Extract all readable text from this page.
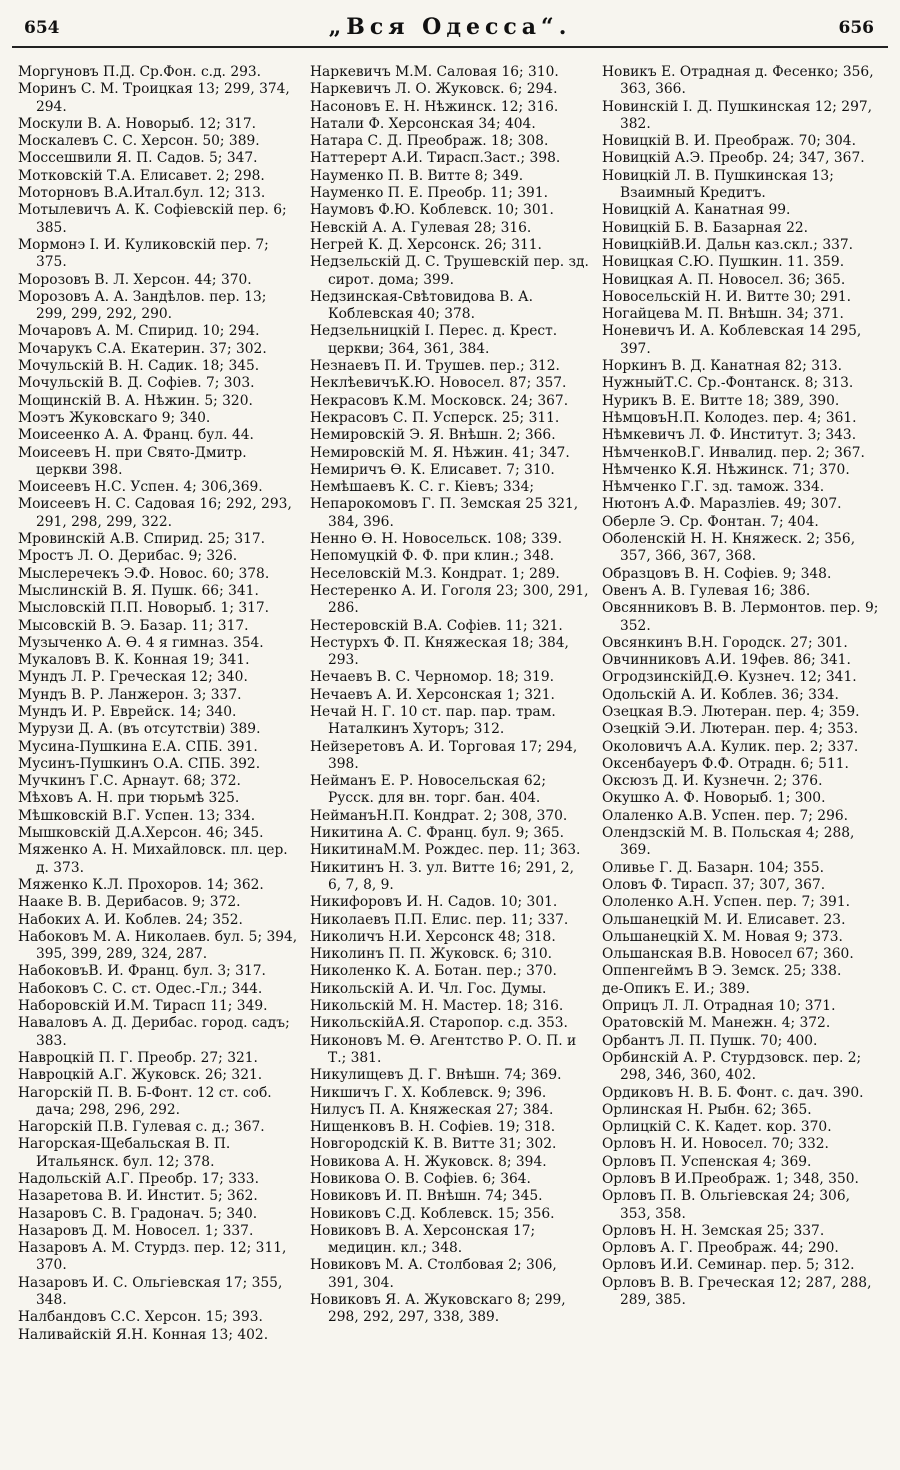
654	„Вся Одесса“.	656
Моргуновъ П.Д. Ср.Фон. с.д. 293.
Моринъ С. М. Троицкая 13; 299, 374, 294.
Москули В. А. Новорыб. 12; 317.
Москалевъ С. С. Херсон. 50; 389.
Моссешвили Я. П. Садов. 5; 347.
Мотковскій Т.А. Елисавет. 2; 298.
Моторновъ В.А.Итал.бул. 12; 313.
Мотылевичъ А. К. Софіевскій пер. 6; 385.
Мормонэ І. И. Куликовскій пер. 7; 375.
Морозовъ В. Л. Херсон. 44; 370.
Морозовъ А. А. Зандѣлов. пер. 13; 299, 299, 292, 290.
Мочаровъ А. М. Спирид. 10; 294.
Мочарукъ С.А. Екатерин. 37; 302.
Мочульскій В. Н. Садик. 18; 345.
Мочульскій В. Д. Софіев. 7; 303.
Мощинскій В. А. Нѣжин. 5; 320.
Моэтъ Жуковскаго 9; 340.
Моисеенко А. А. Франц. бул. 44.
Моисеевъ Н. при Свято-Дмитр. церкви 398.
Моисеевъ Н.С. Успен. 4; 306,369.
Моисеевъ Н. С. Садовая 16; 292, 293, 291, 298, 299, 322.
Мровинскій А.В. Спирид. 25; 317.
Мростъ Л. О. Дерибас. 9; 326.
Мыслеречекъ Э.Ф. Новос. 60; 378.
Мыслинскій В. Я. Пушк. 66; 341.
Мысловскій П.П. Новорыб. 1; 317.
Мысовскій В. Э. Базар. 11; 317.
Музыченко А. Ѳ. 4 я гимназ. 354.
Мукаловъ В. К. Конная 19; 341.
Мундъ Л. Р. Греческая 12; 340.
Мундъ В. Р. Ланжерон. 3; 337.
Мундъ И. Р. Еврейск. 14; 340.
Мурузи Д. А. (въ отсутствіи) 389.
Мусина-Пушкина Е.А. СПБ. 391.
Мусинъ-Пушкинъ О.А. СПБ. 392.
Мучкинъ Г.С. Арнаут. 68; 372.
Мѣховъ А. Н. при тюрьмѣ 325.
Мѣшковскій В.Г. Успен. 13; 334.
Мышковскій Д.А.Херсон. 46; 345.
Мяженко А. Н. Михайловск. пл. цер. д. 373.
Мяженко К.Л. Прохоров. 14; 362.
Наакe В. В. Дерибасов. 9; 372.
Набоких А. И. Коблев. 24; 352.
Набоковъ М. А. Николаев. бул. 5; 394, 395, 399, 289, 324, 287.
НабоковъВ. И. Франц. бул. 3; 317.
Набоковъ С. С. ст. Одес.-Гл.; 344.
Наборовскій И.М. Тирасп 11; 349.
Наваловъ А. Д. Дерибас. город. садъ; 383.
Навроцкій П. Г. Преобр. 27; 321.
Навроцкій А.Г. Жуковск. 26; 321.
Нагорскій П. В. Б-Фонт. 12 ст. соб. дача; 298, 296, 292.
Нагорскій П.В. Гулевая с. д.; 367.
Нагорская-Щебальская В. П. Итальянск. бул. 12; 378.
Надольскій А.Г. Преобр. 17; 333.
Назаретова В. И. Инстит. 5; 362.
Назаровъ С. В. Градонач. 5; 340.
Назаровъ Д. М. Новосел. 1; 337.
Назаровъ А. М. Стурдз. пер. 12; 311, 370.
Назаровъ И. С. Ольгіевская 17; 355, 348.
Налбандовъ С.С. Херсон. 15; 393.
Наливайскій Я.Н. Конная 13; 402.
Наркевичъ М.М. Саловая 16; 310.
Наркевичъ Л. О. Жуковск. 6; 294.
Насоновъ Е. Н. Нѣжинск. 12; 316.
Натали Ф. Херсонская 34; 404.
Натара С. Д. Преображ. 18; 308.
Наттерерт А.И. Тирасп.Заст.; 398.
Науменко П. В. Витте 8; 349.
Науменко П. Е. Преобр. 11; 391.
Наумовъ Ф.Ю. Коблевск. 10; 301.
Невскій А. А. Гулевая 28; 316.
Негрей К. Д. Херсонск. 26; 311.
Недзельскій Д. С. Трушевскій пер. зд. сирот. дома; 399.
Недзинская-Свѣтовидова В. А. Коблевская 40; 378.
Недзельницкій І. Перес. д. Крест. церкви; 364, 361, 384.
Незнаевъ П. И. Трушев. пер.; 312.
НеклѣевичъК.Ю. Новосел. 87; 357.
Некрасовъ К.М. Московск. 24; 367.
Некрасовъ С. П. Усперск. 25; 311.
Немировскій Э. Я. Внѣшн. 2; 366.
Немировскій М. Я. Нѣжин. 41; 347.
Немиричъ Ѳ. К. Елисавет. 7; 310.
Немѣшаевъ К. С. г. Кіевъ; 334;
Непарокомовъ Г. П. Земская 25 321, 384, 396.
Ненно Ѳ. Н. Новосельск. 108; 339.
Непомуцкій Ф. Ф. при клин.; 348.
Неселовскій М.З. Кондрат. 1; 289.
Нестеренко А. И. Гоголя 23; 300, 291, 286.
Нестеровскій В.А. Софіев. 11; 321.
Нестурхъ Ф. П. Княжеская 18; 384, 293.
Нечаевъ В. С. Черномор. 18; 319.
Нечаевъ А. И. Херсонская 1; 321.
Нечай Н. Г. 10 ст. пар. пар. трам. Наталкинъ Хуторъ; 312.
Нейзеретовъ А. И. Торговая 17; 294, 398.
Нейманъ Е. Р. Новосельская 62; Русск. для вн. торг. бан. 404.
НейманъН.П. Кондрат. 2; 308, 370.
Никитина А. С. Франц. бул. 9; 365.
НикитинаМ.М. Рождес. пер. 11; 363.
Никитинъ Н. З. ул. Витте 16; 291, 2, 6, 7, 8, 9.
Никифоровъ И. Н. Садов. 10; 301.
Николаевъ П.П. Елис. пер. 11; 337.
Николичъ Н.И. Херсонск 48; 318.
Николинъ П. П. Жуковск. 6; 310.
Николенко К. А. Ботан. пер.; 370.
Никольскій А. И. Чл. Гос. Думы.
Никольскій М. Н. Мастер. 18; 316.
НикольскійА.Я. Старопор. с.д. 353.
Никоновъ М. Ѳ. Агентство Р. О. П. и Т.; 381.
Никулищевъ Д. Г. Внѣшн. 74; 369.
Никшичъ Г. Х. Коблевск. 9; 396.
Нилусъ П. А. Княжеская 27; 384.
Нищенковъ В. Н. Софіев. 19; 318.
Новгородскій К. В. Витте 31; 302.
Новикова А. Н. Жуковск. 8; 394.
Новикова О. В. Софіев. 6; 364.
Новиковъ И. П. Внѣшн. 74; 345.
Новиковъ С.Д. Коблевск. 15; 356.
Новиковъ В. А. Херсонская 17; медицин. кл.; 348.
Новиковъ М. А. Столбовая 2; 306, 391, 304.
Новиковъ Я. А. Жуковскаго 8; 299, 298, 292, 297, 338, 389.
Новикъ Е. Отрадная д. Фесенко; 356, 363, 366.
Новинскій І. Д. Пушкинская 12; 297, 382.
Новицкій В. И. Преображ. 70; 304.
Новицкій А.Э. Преобр. 24; 347, 367.
Новицкій Л. В. Пушкинская 13; Взаимный Кредитъ.
Новицкій А. Канатная 99.
Новицкій Б. В. Базарная 22.
НовицкійВ.И. Дальн каз.скл.; 337.
Новицкая С.Ю. Пушкин. 11. 359.
Новицкая А. П. Новосел. 36; 365.
Новосельскій Н. И. Витте 30; 291.
Ногайцева М. П. Внѣшн. 34; 371.
Ноневичъ И. А. Коблевская 14 295, 397.
Норкинъ В. Д. Канатная 82; 313.
НужныйТ.С. Ср.-Фонтанск. 8; 313.
Нурикъ В. Е. Витте 18; 389, 390.
НѣмцовъН.П. Колодез. пер. 4; 361.
Нѣмкевичъ Л. Ф. Институт. 3; 343.
НѣмченкоВ.Г. Инвалид. пер. 2; 367.
Нѣмченко К.Я. Нѣжинск. 71; 370.
Нѣмченко Г.Г. зд. тамож. 334.
Нютонъ А.Ф. Маразліев. 49; 307.
Оберле Э. Ср. Фонтан. 7; 404.
Оболенскій Н. Н. Княжеск. 2; 356, 357, 366, 367, 368.
Образцовъ В. Н. Софіев. 9; 348.
Овенъ А. В. Гулевая 16; 386.
Овсянниковъ В. В. Лермонтов. пер. 9; 352.
Овсянкинъ В.Н. Городск. 27; 301.
Овчинниковъ А.И. 19фев. 86; 341.
ОгродзинскійД.Ѳ. Кузнеч. 12; 341.
Одольскій А. И. Коблев. 36; 334.
Озецкая В.Э. Лютеран. пер. 4; 359.
Озецкій Э.И. Лютеран. пер. 4; 353.
Околовичъ А.А. Кулик. пер. 2; 337.
Оксенбауеръ Ф.Ф. Отрадн. 6; 511.
Оксюзъ Д. И. Кузнечн. 2; 376.
Окушко А. Ф. Новорыб. 1; 300.
Олаленко А.В. Успен. пер. 7; 296.
Олендзскій М. В. Польская 4; 288, 369.
Оливье Г. Д. Базарн. 104; 355.
Оловъ Ф. Тирасп. 37; 307, 367.
Ололенко А.Н. Успен. пер. 7; 391.
Ольшанецкій М. И. Елисавет. 23.
Ольшанецкій Х. М. Новая 9; 373.
Ольшанская В.В. Новосел 67; 360.
Оппенгеймъ В Э. Земск. 25; 338.
де-Опикъ Е. И.; 389.
Оприцъ Л. Л. Отрадная 10; 371.
Оратовскій М. Манежн. 4; 372.
Орбантъ Л. П. Пушк. 70; 400.
Орбинскій А. Р. Стурдзовск. пер. 2; 298, 346, 360, 402.
Ордиковъ Н. В. Б. Фонт. с. дач. 390.
Орлинская Н. Рыбн. 62; 365.
Орлицкій С. К. Кадет. кор. 370.
Орловъ Н. И. Новосел. 70; 332.
Орловъ П. Успенская 4; 369.
Орловъ В И.Преображ. 1; 348, 350.
Орловъ П. В. Ольгіевская 24; 306, 353, 358.
Орловъ Н. Н. Земская 25; 337.
Орловъ А. Г. Преображ. 44; 290.
Орловъ И.И. Семинар. пер. 5; 312.
Орловъ В. В. Греческая 12; 287, 288, 289, 385.
